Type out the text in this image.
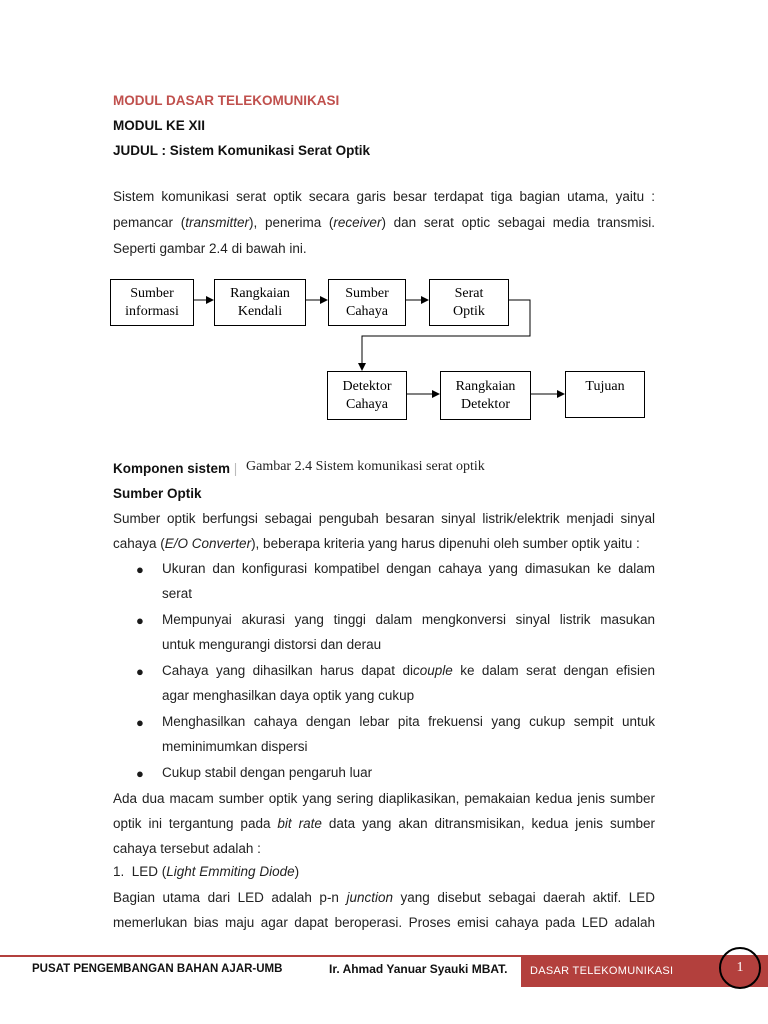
MODUL DASAR TELEKOMUNIKASI
MODUL KE XII
JUDUL : Sistem Komunikasi Serat Optik
Sistem komunikasi serat optik secara garis besar terdapat tiga bagian utama, yaitu :
pemancar (transmitter), penerima (receiver) dan serat optic sebagai media transmisi.
Seperti gambar 2.4 di bawah ini.
Sumber
informasi
Rangkaian
Kendali
Sumber
Cahaya
Serat
Optik
Detektor
Cahaya
Rangkaian
Detektor
Tujuan
Komponen sistem | Gambar 2.4 Sistem komunikasi serat optik
Sumber Optik
Sumber optik berfungsi sebagai pengubah besaran sinyal listrik/elektrik menjadi sinyal
cahaya (E/O Converter), beberapa kriteria yang harus dipenuhi oleh sumber optik yaitu :
● Ukuran dan konfigurasi kompatibel dengan cahaya yang dimasukan ke dalam
serat
● Mempunyai akurasi yang tinggi dalam mengkonversi sinyal listrik masukan
untuk mengurangi distorsi dan derau
● Cahaya yang dihasilkan harus dapat dicouple ke dalam serat dengan efisien
agar menghasilkan daya optik yang cukup
● Menghasilkan cahaya dengan lebar pita frekuensi yang cukup sempit untuk
meminimumkan dispersi
● Cukup stabil dengan pengaruh luar
Ada dua macam sumber optik yang sering diaplikasikan, pemakaian kedua jenis sumber
optik ini tergantung pada bit rate data yang akan ditransmisikan, kedua jenis sumber
cahaya tersebut adalah :
1.  LED (Light Emmiting Diode)
Bagian utama dari LED adalah p-n junction yang disebut sebagai daerah aktif. LED
memerlukan bias maju agar dapat beroperasi. Proses emisi cahaya pada LED adalah
PUSAT PENGEMBANGAN BAHAN AJAR-UMB	Ir. Ahmad Yanuar Syauki MBAT. DASAR TELEKOMUNIKASI	1
